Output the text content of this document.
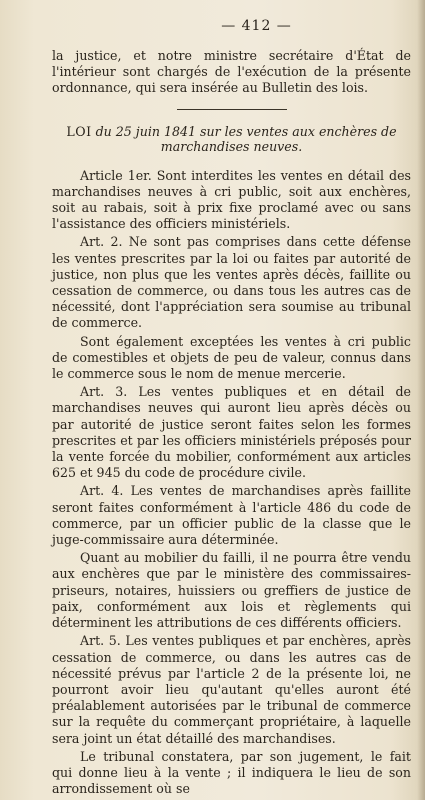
— 412 —

la justice, et notre ministre secrétaire d'État de l'intérieur sont chargés de l'exécution de la présente ordonnance, qui sera insérée au Bulletin des lois.

LOI du 25 juin 1841 sur les ventes aux enchères de marchandises neuves.

Article 1er. Sont interdites les ventes en détail des marchandises neuves à cri public, soit aux enchères, soit au rabais, soit à prix fixe proclamé avec ou sans l'assistance des officiers ministériels.

Art. 2. Ne sont pas comprises dans cette défense les ventes prescrites par la loi ou faites par autorité de justice, non plus que les ventes après décès, faillite ou cessation de commerce, ou dans tous les autres cas de nécessité, dont l'appréciation sera soumise au tribunal de commerce.

Sont également exceptées les ventes à cri public de comestibles et objets de peu de valeur, connus dans le commerce sous le nom de menue mercerie.

Art. 3. Les ventes publiques et en détail de marchandises neuves qui auront lieu après décès ou par autorité de justice seront faites selon les formes prescrites et par les officiers ministériels préposés pour la vente forcée du mobilier, conformément aux articles 625 et 945 du code de procédure civile.

Art. 4. Les ventes de marchandises après faillite seront faites conformément à l'article 486 du code de commerce, par un officier public de la classe que le juge-commissaire aura déterminée.

Quant au mobilier du failli, il ne pourra être vendu aux enchères que par le ministère des commissaires-priseurs, notaires, huissiers ou greffiers de justice de paix, conformément aux lois et règlements qui déterminent les attributions de ces différents officiers.

Art. 5. Les ventes publiques et par enchères, après cessation de commerce, ou dans les autres cas de nécessité prévus par l'article 2 de la présente loi, ne pourront avoir lieu qu'autant qu'elles auront été préalablement autorisées par le tribunal de commerce sur la requête du commerçant propriétaire, à laquelle sera joint un état détaillé des marchandises.

Le tribunal constatera, par son jugement, le fait qui donne lieu à la vente ; il indiquera le lieu de son arrondissement où se
